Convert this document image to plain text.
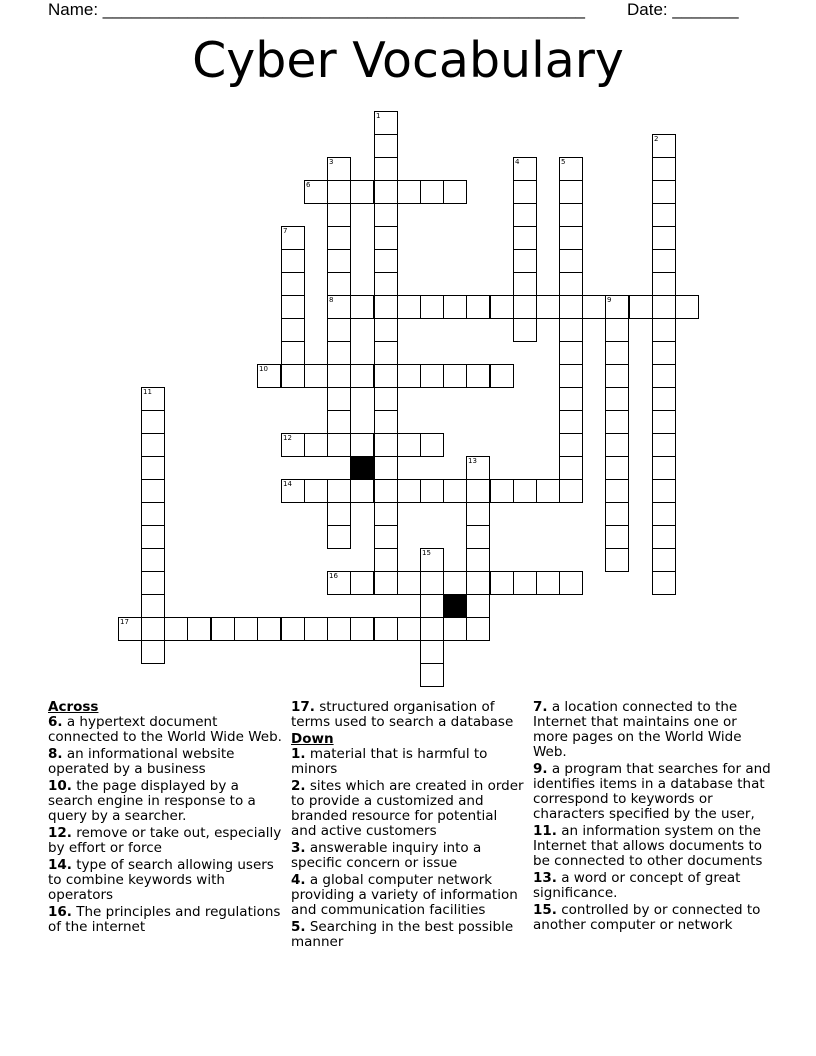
Name: ___________________________________________________ Date: _______
Cyber Vocabulary
1
2
3	4	5
6
7
8	9
10
11
12
13
14
15
16
17
Across
6. a hypertext document connected to the World Wide Web.
8. an informational website operated by a business
10. the page displayed by a search engine in response to a query by a searcher.
12. remove or take out, especially by effort or force
14. type of search allowing users to combine keywords with operators
16. The principles and regulations of the internet
17. structured organisation of terms used to search a database
Down
1. material that is harmful to minors
2. sites which are created in order to provide a customized and branded resource for potential and active customers
3. answerable inquiry into a specific concern or issue
4. a global computer network providing a variety of information and communication facilities
5. Searching in the best possible manner
7. a location connected to the Internet that maintains one or more pages on the World Wide Web.
9. a program that searches for and identifies items in a database that correspond to keywords or characters specified by the user,
11. an information system on the Internet that allows documents to be connected to other documents
13. a word or concept of great significance.
15. controlled by or connected to another computer or network
